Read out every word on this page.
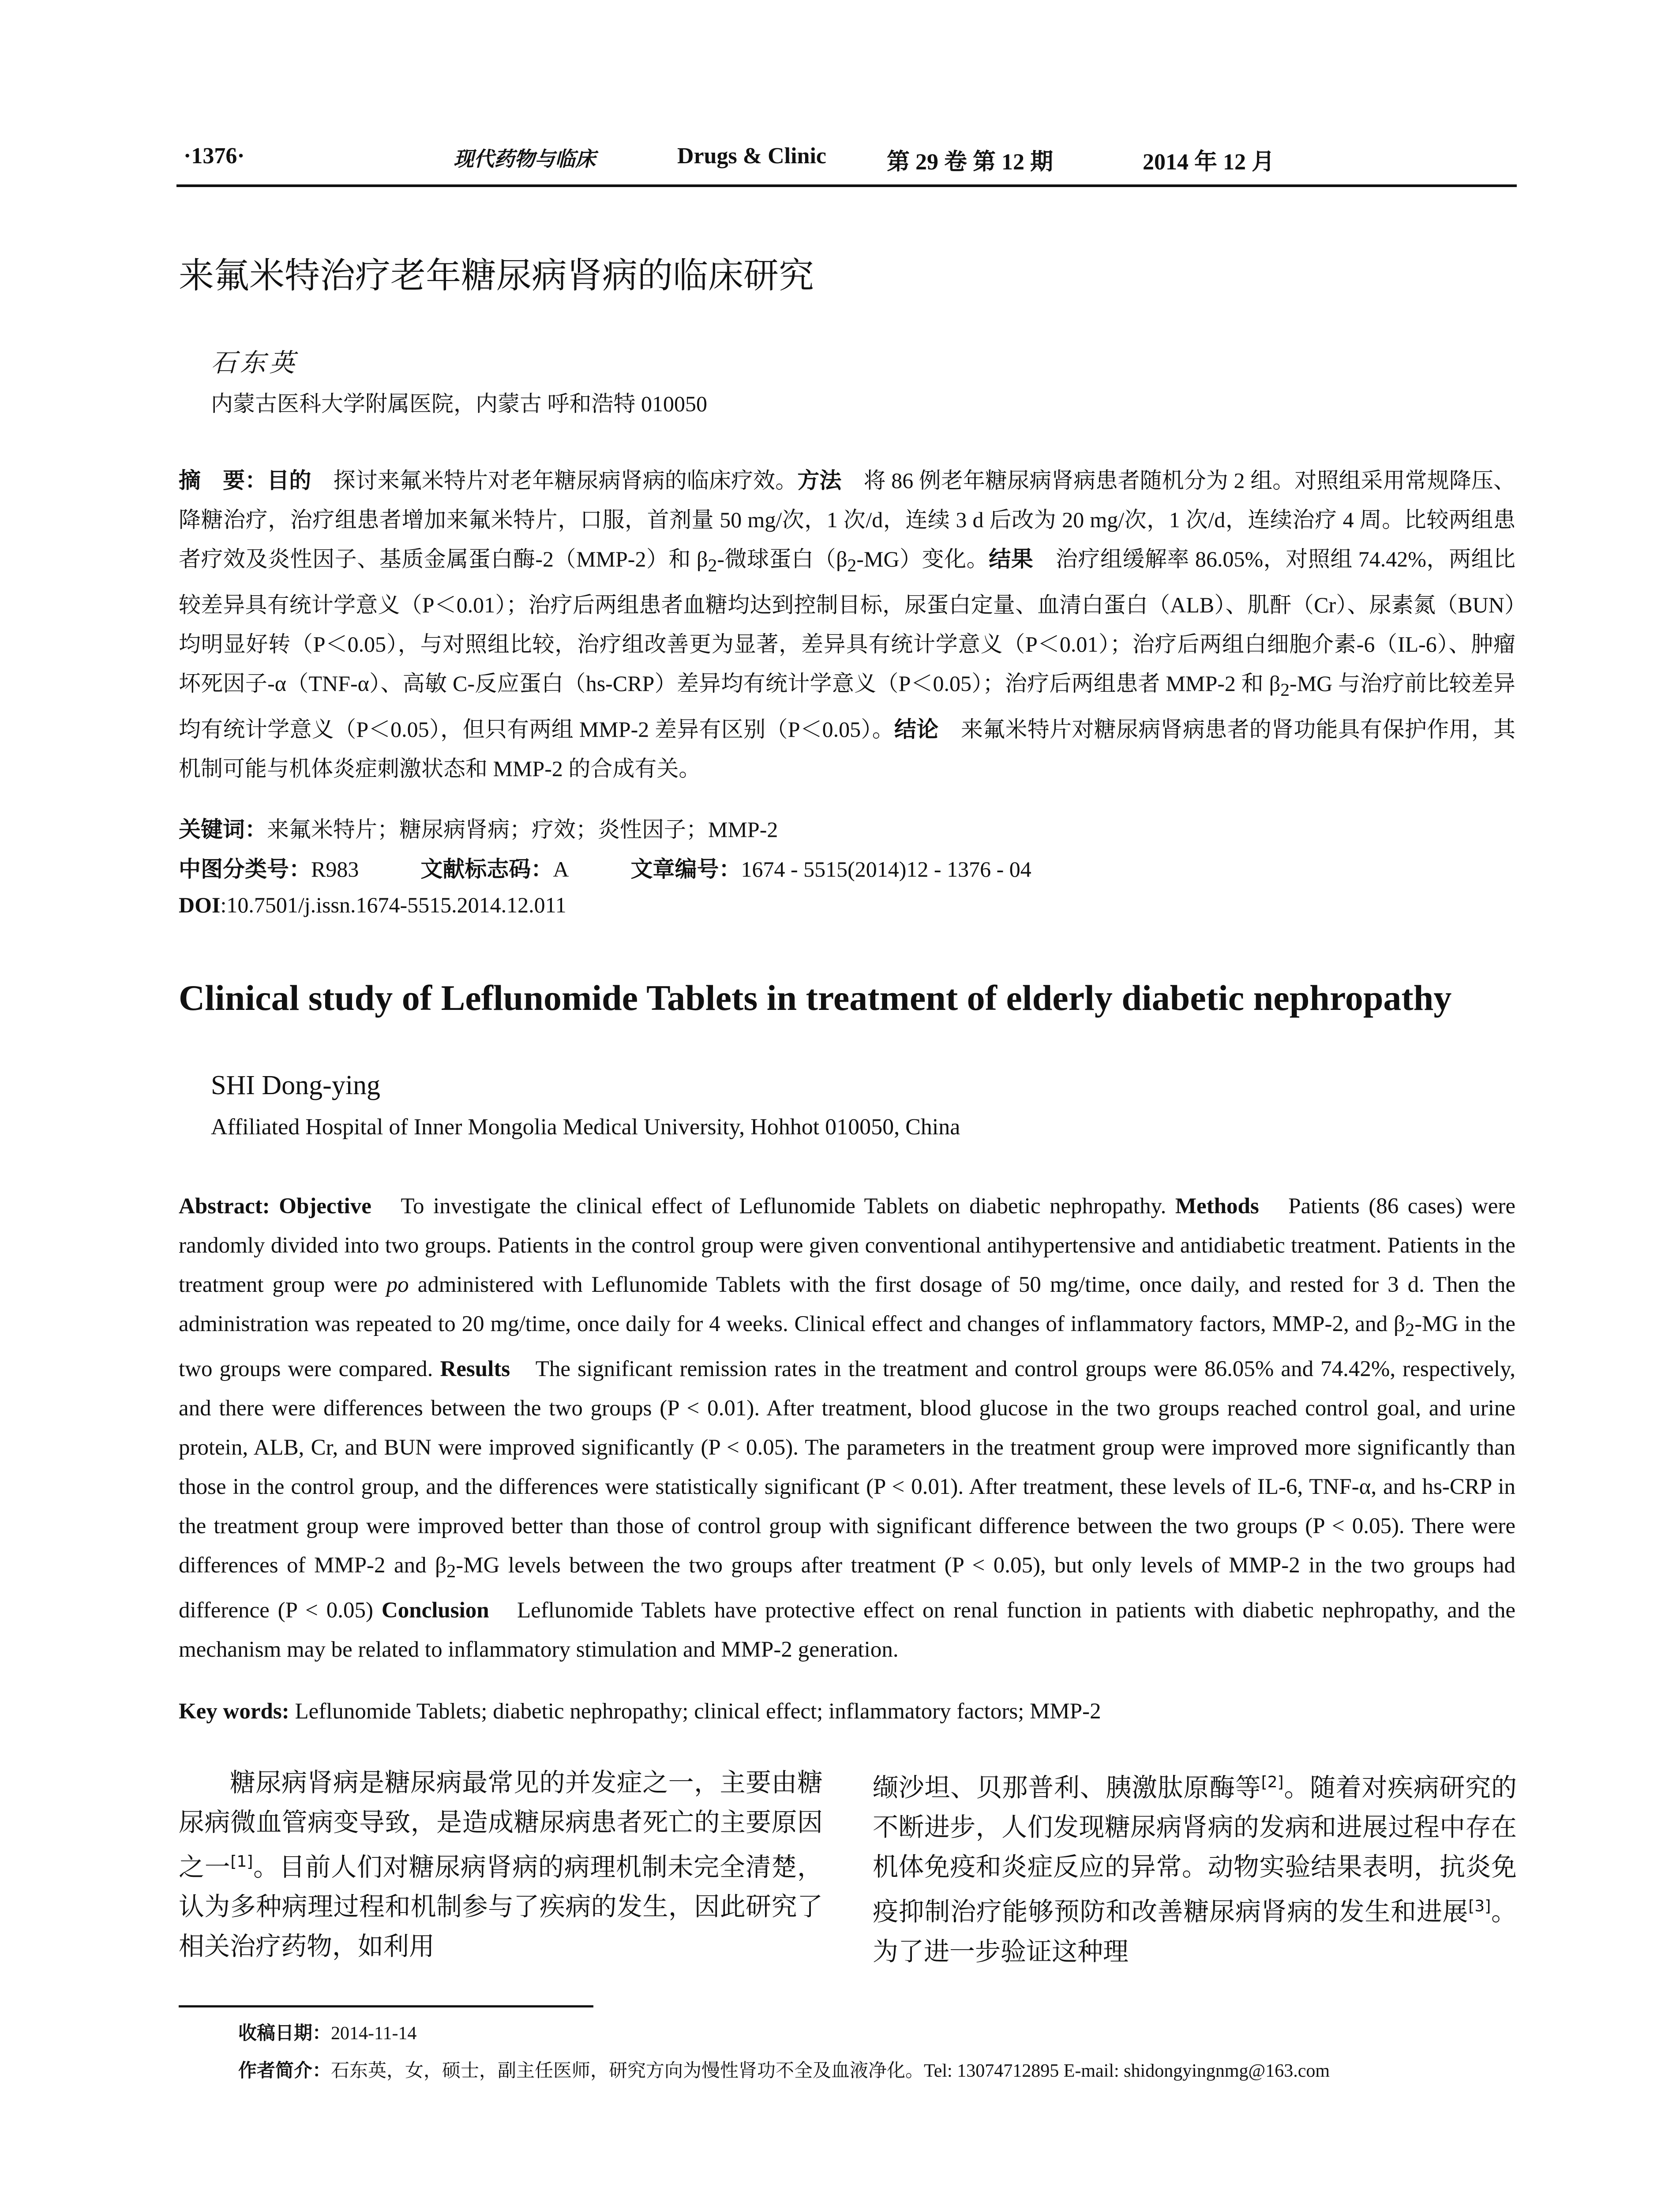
·1376·	现代药物与临床	Drugs & Clinic	第 29 卷 第 12 期	2014 年 12 月
来氟米特治疗老年糖尿病肾病的临床研究
石东英
内蒙古医科大学附属医院，内蒙古 呼和浩特 010050
摘　要：目的　探讨来氟米特片对老年糖尿病肾病的临床疗效。方法　将 86 例老年糖尿病肾病患者随机分为 2 组。对照组采用常规降压、降糖治疗，治疗组患者增加来氟米特片，口服，首剂量 50 mg/次，1 次/d，连续 3 d 后改为 20 mg/次，1 次/d，连续治疗 4 周。比较两组患者疗效及炎性因子、基质金属蛋白酶-2（MMP-2）和 $\beta_2-$微球蛋白$(\beta_2-MG)$变化。结果　治疗组缓解率 86.05%，对照组 74.42%，两组比较差异具有统计学意义（P＜0.01）；治疗后两组患者血糖均达到控制目标，尿蛋白定量、血清白蛋白（ALB）、肌酐（Cr）、尿素氮（BUN）均明显好转（P＜0.05），与对照组比较，治疗组改善更为显著，差异具有统计学意义（P＜0.01）；治疗后两组白细胞介素-6（IL-6）、肿瘤坏死因子-α（TNF-α）、高敏 C-反应蛋白（hs-CRP）差异均有统计学意义（P＜0.05）；治疗后两组患者 MMP-2 和 $\beta_2-MG$ 与治疗前比较差异均有统计学意义（P＜0.05），但只有两组 MMP-2 差异有区别（P＜0.05）。结论　来氟米特片对糖尿病肾病患者的肾功能具有保护作用，其机制可能与机体炎症刺激状态和 MMP-2 的合成有关。
关键词：来氟米特片；糖尿病肾病；疗效；炎性因子；MMP-2
中图分类号：R983	文献标志码：A	文章编号：1674 - 5515(2014)12 - 1376 - 04
DOI:10.7501/j.issn.1674-5515.2014.12.011
Clinical study of Leflunomide Tablets in treatment of elderly diabetic nephropathy
SHI Dong-ying
Affiliated Hospital of Inner Mongolia Medical University, Hohhot 010050, China
Abstract: Objective　To investigate the clinical effect of Leflunomide Tablets on diabetic nephropathy. Methods　Patients (86 cases) were randomly divided into two groups. Patients in the control group were given conventional antihypertensive and antidiabetic treatment. Patients in the treatment group were po administered with Leflunomide Tablets with the first dosage of 50 mg/time, once daily, and rested for 3 d. Then the administration was repeated to 20 mg/time, once daily for 4 weeks. Clinical effect and changes of inflammatory factors, MMP-2, and $\beta_2-MG$ in the two groups were compared. Results　The significant remission rates in the treatment and control groups were 86.05% and 74.42%, respectively, and there were differences between the two groups (P < 0.01). After treatment, blood glucose in the two groups reached control goal, and urine protein, ALB, Cr, and BUN were improved significantly (P < 0.05). The parameters in the treatment group were improved more significantly than those in the control group, and the differences were statistically significant (P < 0.01). After treatment, these levels of IL-6, TNF-α, and hs-CRP in the treatment group were improved better than those of control group with significant difference between the two groups (P < 0.05). There were differences of MMP-2 and $\beta_2-MG$ levels between the two groups after treatment (P < 0.05), but only levels of MMP-2 in the two groups had difference (P < 0.05) Conclusion　Leflunomide Tablets have protective effect on renal function in patients with diabetic nephropathy, and the mechanism may be related to inflammatory stimulation and MMP-2 generation.
Key words: Leflunomide Tablets; diabetic nephropathy; clinical effect; inflammatory factors; MMP-2
糖尿病肾病是糖尿病最常见的并发症之一，主要由糖尿病微血管病变导致，是造成糖尿病患者死亡的主要原因之一[1]。目前人们对糖尿病肾病的病理机制未完全清楚，认为多种病理过程和机制参与了疾病的发生，因此研究了相关治疗药物，如利用
缬沙坦、贝那普利、胰激肽原酶等[2]。随着对疾病研究的不断进步，人们发现糖尿病肾病的发病和进展过程中存在机体免疫和炎症反应的异常。动物实验结果表明，抗炎免疫抑制治疗能够预防和改善糖尿病肾病的发生和进展[3]。为了进一步验证这种理
收稿日期：2014-11-14
作者简介：石东英，女，硕士，副主任医师，研究方向为慢性肾功不全及血液净化。Tel: 13074712895 E-mail: shidongyingnmg@163.com
